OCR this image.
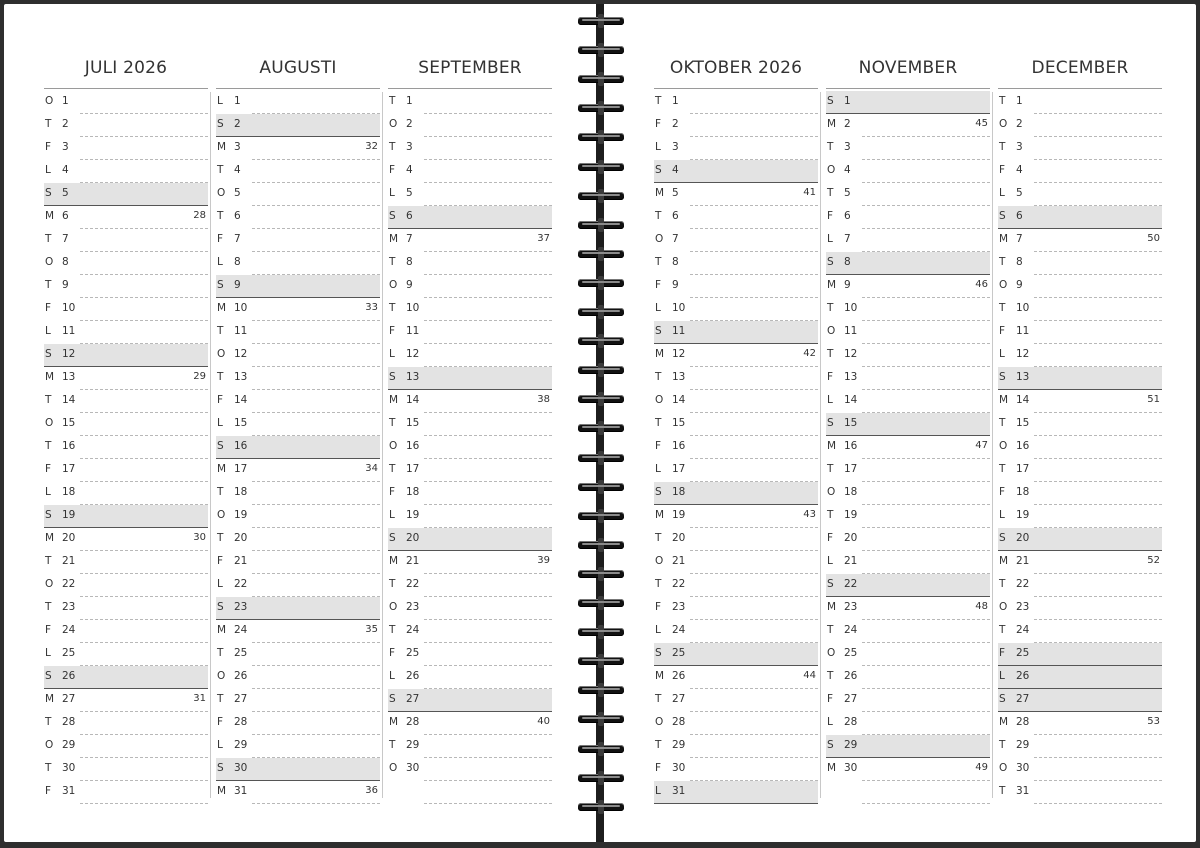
JULI 2026
O 1
T	2
F	3
L	4
S 5
M 6	28
T	7
O 8
T	9
F	10
L	11
S 12
M 13	29
T	14
O 15
T	16
F	17
L	18
S 19
M 20	30
T	21
O 22
T	23
F	24
L	25
S 26
M 27	31
T	28
O 29
T	30
F	31
AUGUSTI
L	1
S 2
M 3	32
T	4
O 5
T	6
F	7
L	8
S 9
M 10	33
T	11
O 12
T	13
F	14
L	15
S 16
M 17	34
T	18
O 19
T	20
F	21
L	22
S 23
M 24	35
T	25
O 26
T	27
F	28
L	29
S 30
M 31	36
SEPTEMBER
T	1
O 2
T	3
F	4
L	5
S 6
M 7	37
T	8
O 9
T	10
F	11
L	12
S 13
M 14	38
T	15
O 16
T	17
F	18
L	19
S 20
M 21	39
T	22
O 23
T	24
F	25
L	26
S 27
M 28	40
T	29
O 30
OKTOBER 2026
T	1
F	2
L	3
S 4
M 5	41
T	6
O 7
T	8
F	9
L	10
S 11
M 12	42
T	13
O 14
T	15
F	16
L	17
S 18
M 19	43
T	20
O 21
T	22
F	23
L	24
S 25
M 26	44
T	27
O 28
T	29
F	30
L	31
NOVEMBER
S 1
M 2	45
T	3
O 4
T	5
F	6
L	7
S 8
M 9	46
T	10
O 11
T	12
F	13
L	14
S 15
M 16	47
T	17
O 18
T	19
F	20
L	21
S 22
M 23	48
T	24
O 25
T	26
F	27
L	28
S 29
M 30	49
DECEMBER
T	1
O 2
T	3
F	4
L	5
S 6
M 7	50
T	8
O 9
T	10
F	11
L	12
S 13
M 14	51
T	15
O 16
T	17
F	18
L	19
S 20
M 21	52
T	22
O 23
T	24
F	25
L	26
S 27
M 28	53
T	29
O 30
T	31
